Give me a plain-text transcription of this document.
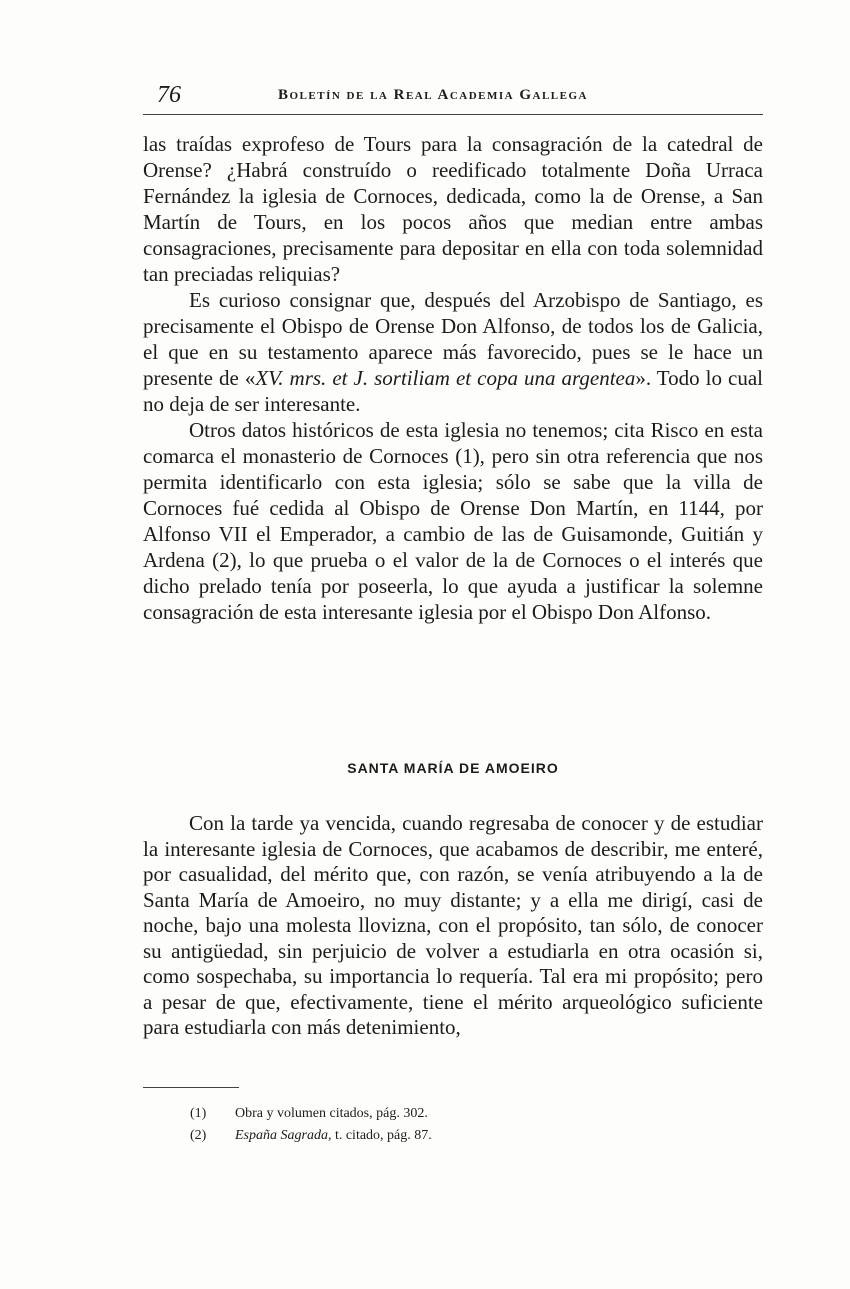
76	Boletín de la Real Academia Gallega

las traídas exprofeso de Tours para la consagración de la catedral de Orense? ¿Habrá construído o reedificado totalmente Doña Urraca Fernández la iglesia de Cornoces, dedicada, como la de Orense, a San Martín de Tours, en los pocos años que median entre ambas consagraciones, precisamente para depositar en ella con toda solemnidad tan preciadas reliquias?

Es curioso consignar que, después del Arzobispo de Santiago, es precisamente el Obispo de Orense Don Alfonso, de todos los de Galicia, el que en su testamento aparece más favorecido, pues se le hace un presente de «XV. mrs. et J. sortiliam et copa una argentea». Todo lo cual no deja de ser interesante.

Otros datos históricos de esta iglesia no tenemos; cita Risco en esta comarca el monasterio de Cornoces (1), pero sin otra referencia que nos permita identificarlo con esta iglesia; sólo se sabe que la villa de Cornoces fué cedida al Obispo de Orense Don Martín, en 1144, por Alfonso VII el Emperador, a cambio de las de Guisamonde, Guitián y Ardena (2), lo que prueba o el valor de la de Cornoces o el interés que dicho prelado tenía por poseerla, lo que ayuda a justificar la solemne consagración de esta interesante iglesia por el Obispo Don Alfonso.

SANTA MARÍA DE AMOEIRO

Con la tarde ya vencida, cuando regresaba de conocer y de estudiar la interesante iglesia de Cornoces, que acabamos de describir, me enteré, por casualidad, del mérito que, con razón, se venía atribuyendo a la de Santa María de Amoeiro, no muy distante; y a ella me dirigí, casi de noche, bajo una molesta llovizna, con el propósito, tan sólo, de conocer su antigüedad, sin perjuicio de volver a estudiarla en otra ocasión si, como sospechaba, su importancia lo requería. Tal era mi propósito; pero a pesar de que, efectivamente, tiene el mérito arqueológico suficiente para estudiarla con más detenimiento,

(1) Obra y volumen citados, pág. 302.
(2) España Sagrada, t. citado, pág. 87.
